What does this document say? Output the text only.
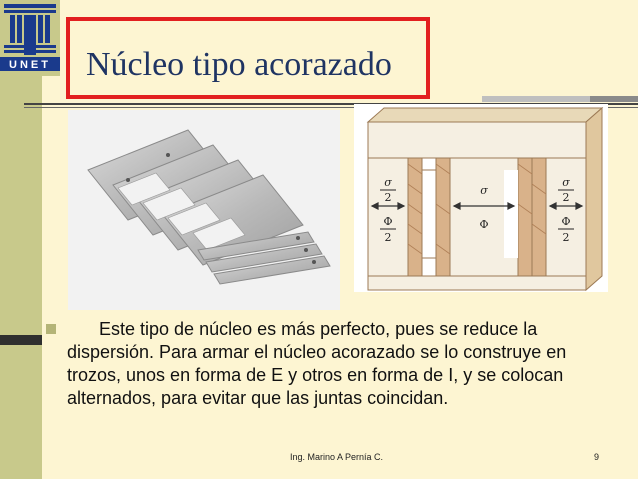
UNET Núcleo tipo acorazado
σ
2
Φ
2
σ
Φ
σ
2
Φ
2
Este tipo de núcleo es más perfecto, pues se reduce la dispersión. Para armar el núcleo acorazado se lo construye en trozos, unos en forma de E y otros en forma de I, y se colocan alternados, para evitar que las juntas coincidan.
Ing. Marino A Pernía C.	9
